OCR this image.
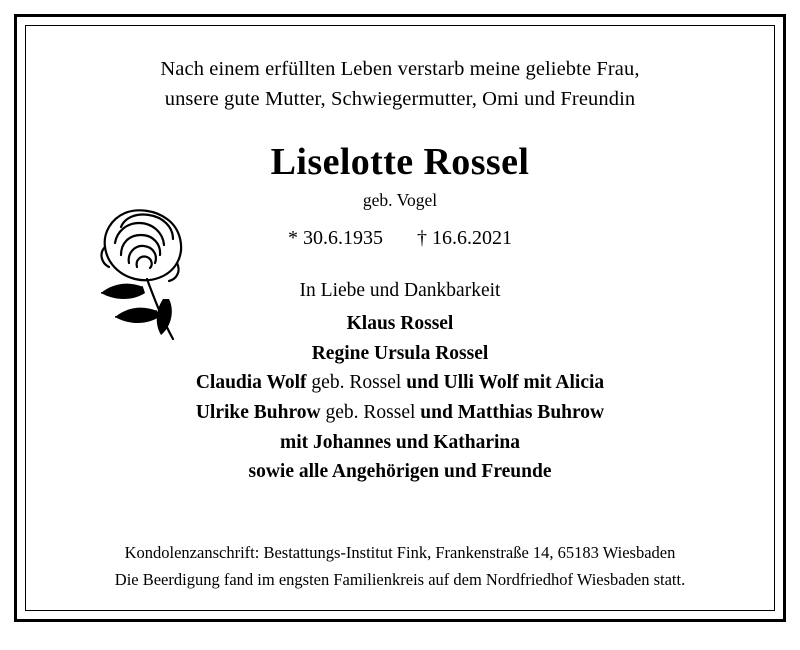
Nach einem erfüllten Leben verstarb meine geliebte Frau,
unsere gute Mutter, Schwiegermutter, Omi und Freundin
Liselotte Rossel
geb. Vogel
* 30.6.1935 † 16.6.2021
In Liebe und Dankbarkeit
Klaus Rossel
Regine Ursula Rossel
Claudia Wolf geb. Rossel und Ulli Wolf mit Alicia
Ulrike Buhrow geb. Rossel und Matthias Buhrow
mit Johannes und Katharina
sowie alle Angehörigen und Freunde
Kondolenzanschrift: Bestattungs-Institut Fink, Frankenstraße 14, 65183 Wiesbaden
Die Beerdigung fand im engsten Familienkreis auf dem Nordfriedhof Wiesbaden statt.
